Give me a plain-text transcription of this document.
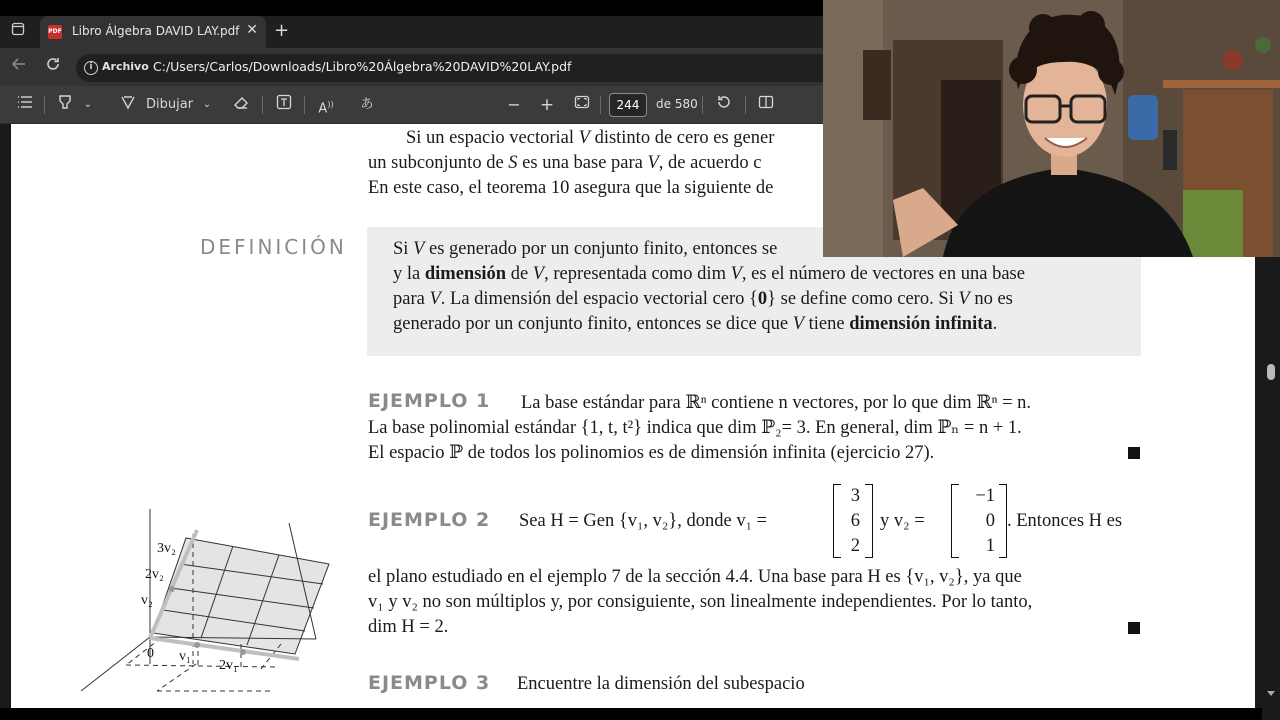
PDF Libro Álgebra DAVID LAY.pdf ✕ +
i Archivo C:/Users/Carlos/Downloads/Libro%20Álgebra%20DAVID%20LAY.pdf
⌄	Dibujar ⌄	A))	あ	− +	244	de 580
Si un espacio vectorial V distinto de cero es gener
un subconjunto de S es una base para V, de acuerdo c
En este caso, el teorema 10 asegura que la siguiente de
DEFINICIÓN Si V es generado por un conjunto finito, entonces se
y la dimensión de V, representada como dim V, es el número de vectores en una base
para V. La dimensión del espacio vectorial cero {0} se define como cero. Si V no es
generado por un conjunto finito, entonces se dice que V tiene dimensión infinita.
EJEMPLO 1 La base estándar para ℝⁿ contiene n vectores, por lo que dim ℝⁿ = n.
La base polinomial estándar {1, t, t²} indica que dim ℙ₂= 3. En general, dim ℙₙ = n + 1.
El espacio ℙ de todos los polinomios es de dimensión infinita (ejercicio 27).
EJEMPLO 2 Sea H = Gen {v₁, v₂}, donde v₁ =
3
6
2
y v₂ =
−1
0
1
. Entonces H es
el plano estudiado en el ejemplo 7 de la sección 4.4. Una base para H es {v₁, v₂}, ya que
v₁ y v₂ no son múltiplos y, por consiguiente, son linealmente independientes. Por lo tanto,
dim H = 2.
EJEMPLO 3 Encuentre la dimensión del subespacio
3v₂
2v₂
v₂
0 v₁
2v₁
